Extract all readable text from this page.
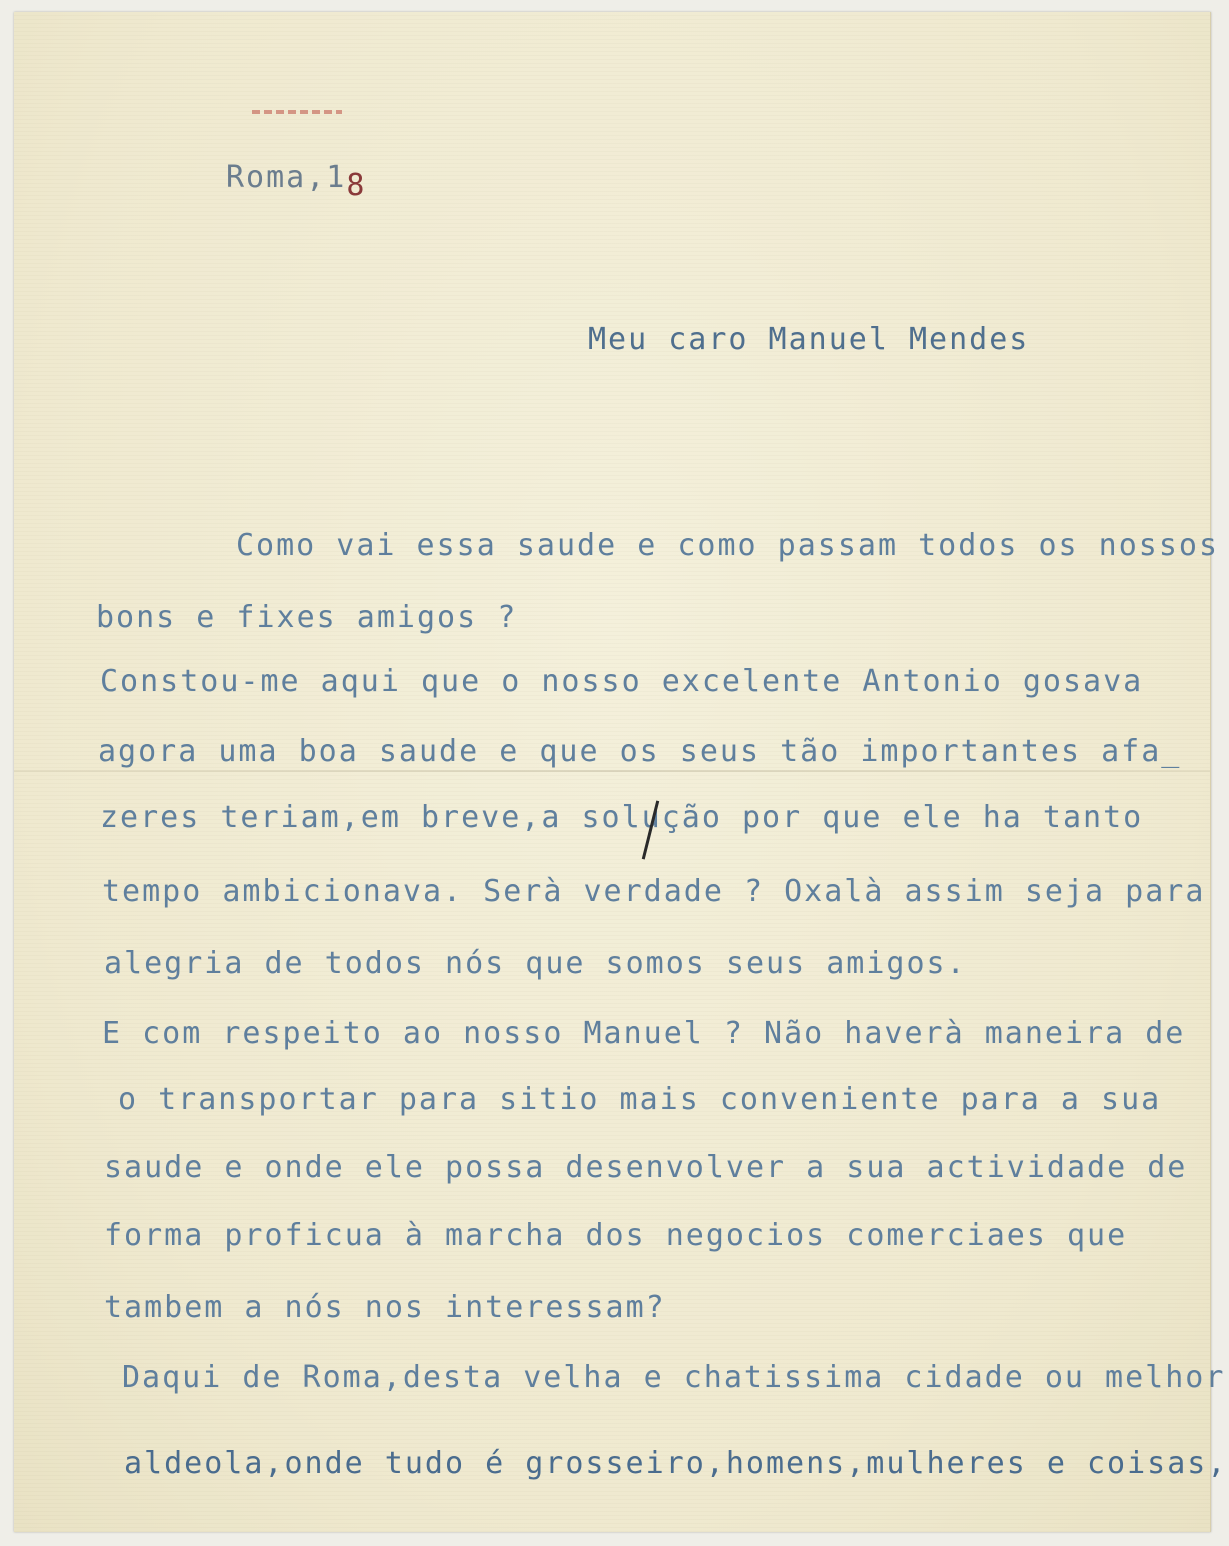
Roma,18
Meu caro Manuel Mendes
Como vai essa saude e como passam todos os nossos
bons e fixes amigos ?
Constou-me aqui que o nosso excelente Antonio gosava
agora uma boa saude e que os seus tão importantes afa_
zeres teriam,em breve,a solução por que ele ha tanto
tempo ambicionava. Serà verdade ? Oxalà assim seja para
alegria de todos nós que somos seus amigos.
E com respeito ao nosso Manuel ? Não haverà maneira de
o transportar para sitio mais conveniente para a sua
saude e onde ele possa desenvolver a sua actividade de
forma proficua à marcha dos negocios comerciaes que
tambem a nós nos interessam?
Daqui de Roma,desta velha e chatissima cidade ou melhor
aldeola,onde tudo é grosseiro,homens,mulheres e coisas,
